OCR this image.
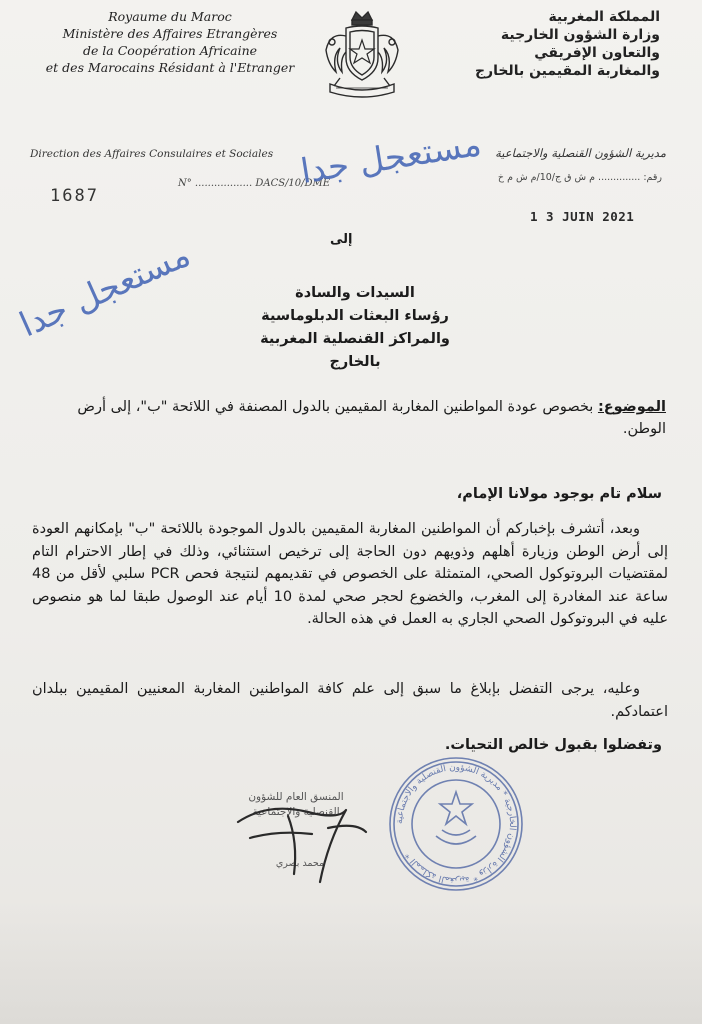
Royaume du Maroc
Ministère des Affaires Etrangères
de la Coopération Africaine
et des Marocains Résidant à l'Etranger
المملكة المغربية
وزارة الشؤون الخارجية
والتعاون الإفريقي
والمغاربة المقيمين بالخارج
Direction des Affaires Consulaires et Sociales	مديرية الشؤون القنصلية والاجتماعية
N° .................. DACS/10/DME
رقم: .............. م ش ق ج/10/م ش م خ
1687
1 3 JUIN 2021
مستعجل جدا
مستعجل جدا	إلى
السيدات والسادة
رؤساء البعثات الدبلوماسية
والمراكز القنصلية المغربية
بالخارج
الموضوع: بخصوص عودة المواطنين المغاربة المقيمين بالدول المصنفة في اللائحة "ب"، إلى أرض الوطن.
سلام تام بوجود مولانا الإمام،
وبعد، أتشرف بإخباركم أن المواطنين المغاربة المقيمين بالدول الموجودة باللائحة "ب" بإمكانهم العودة إلى أرض الوطن وزيارة أهلهم وذويهم دون الحاجة إلى ترخيص استثنائي، وذلك في إطار الاحترام التام لمقتضيات البروتوكول الصحي، المتمثلة على الخصوص في تقديمهم لنتيجة فحص PCR سلبي لأقل من 48 ساعة عند المغادرة إلى المغرب، والخضوع لحجر صحي لمدة 10 أيام عند الوصول طبقا لما هو منصوص عليه في البروتوكول الصحي الجاري به العمل في هذه الحالة.
وعليه، يرجى التفضل بإبلاغ ما سبق إلى علم كافة المواطنين المغاربة المعنيين المقيمين ببلدان اعتمادكم.
وتفضلوا بقبول خالص التحيات.
المملكة المغربية * وزارة الشؤون الخارجية * مديرية الشؤون القنصلية والاجتماعية *
المنسق العام للشؤون القنصلية والاجتماعية
محمد بصري
